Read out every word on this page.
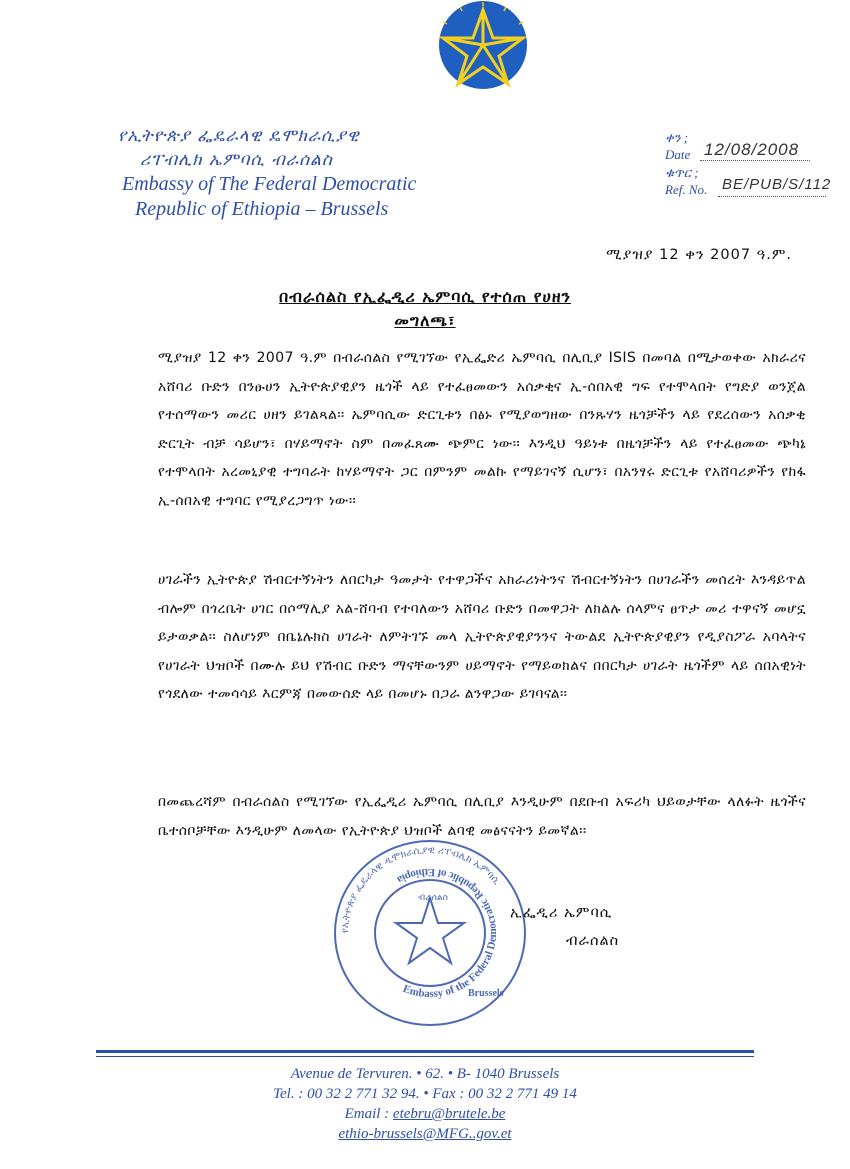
የኢትዮጵያ ፌዴራላዊ ዴሞክራሲያዊ
ሪፐብሊክ ኤምባሲ ብራሰልስ
Embassy of The Federal Democratic
Republic of Ethiopia – Brussels
ቀን ;
Date 12/08/2008
ቁጥር ;
Ref. No. BE/PUB/S/112
ሚያዝያ 12 ቀን 2007 ዓ.ም.
በብራሰልስ የኢፌዲሪ ኤምባሲ የተሰጠ የሀዘን
መግለጫ፣
ሚያዝያ 12 ቀን 2007 ዓ.ም በብራሰልስ የሚገኘው የኢፌድሪ ኤምባሲ በሊቢያ ISIS በመባል በሚታወቀው አክራሪና አሸባሪ ቡድን በንፁሀን ኢትዮጵያዊያን ዜጎች ላይ የተፈፀመውን አሰቃቂና ኢ-ሰበአዊ ግፍ የተሞላበት የግድያ ወንጀል የተሰማውን መሪር ሀዘን ይገልጻል፡፡ ኤምባሲው ድርጊቱን በፅኑ የሚያወግዘው በንጹሃን ዜጎቻችን ላይ የደረሰውን አሰቃቂ ድርጊት ብቻ ሳይሆን፣ በሃይማኖት ስም በመፈጸሙ ጭምር ነው፡፡ እንዲህ ዓይነቱ በዜጎቻችን ላይ የተፈፀመው ጭካኔ የተሞላበት አረመኒያዊ ተግባራት ከሃይማኖት ጋር በምንም መልኩ የማይገናኝ ሲሆን፣ በአንፃሩ ድርጊቱ የአሸባሪዎችን የከፋ ኢ-ሰበአዊ ተግባር የሚያረጋግጥ ነው፡፡
ሀገራችን ኢትዮጵያ ሽብርተኝነትን ለበርካታ ዓመታት የተዋጋችና አክራሪነትንና ሽብርተኝነትን በሀገራችን መሰረት እንዳይጥል ብሎም በጎረቤት ሀገር በሶማሊያ አል-ሸባብ የተባለውን አሸባሪ ቡድን በመዋጋት ለክልሉ ሰላምና ፀጥታ መሪ ተዋናኝ መሆኗ ይታወቃል፡፡ ስለሆነም በቤኔሉክስ ሀገራት ለምትገኙ መላ ኢትዮጵያዊያንንና ትውልደ ኢትዮጵያዊያን የዲያስፖራ አባላትና የሀገራት ህዝቦች በሙሉ ይህ የሽብር ቡድን ማናቸውንም ሀይማኖት የማይወክልና በበርካታ ሀገራት ዜጎችም ላይ ሰበአዊነት የጎደለው ተመሳሳይ እርምጃ በመውሰድ ላይ በመሆኑ በጋራ ልንዋጋው ይገባናል፡፡
በመጨረሻም በብራሰልስ የሚገኘው የኢፌዲሪ ኤምባሲ በሊቢያ እንዲሁም በደቡብ አፍሪካ ህይወታቸው ላለፉት ዜጎችና ቤተሰቦቻቸው እንዲሁም ለመላው የኢትዮጵያ ህዝቦች ልባዊ መፅናናትን ይመኛል፡፡
የኢትዮጵያ ፌዴራላዊ ዲሞክራሲያዊ ሪፐብሊክ ኤምባሲ
Embassy of the Federal Democratic Republic of Ethiopia
ብራሰልስ
Brussels
ኢፌዲሪ ኤምባሲ
ብራሰልስ
Avenue de Tervuren. • 62. • B- 1040 Brussels
Tel. : 00 32 2 771 32 94. • Fax : 00 32 2 771 49 14
Email : etebru@brutele.be
ethio-brussels@MFG..gov.et
